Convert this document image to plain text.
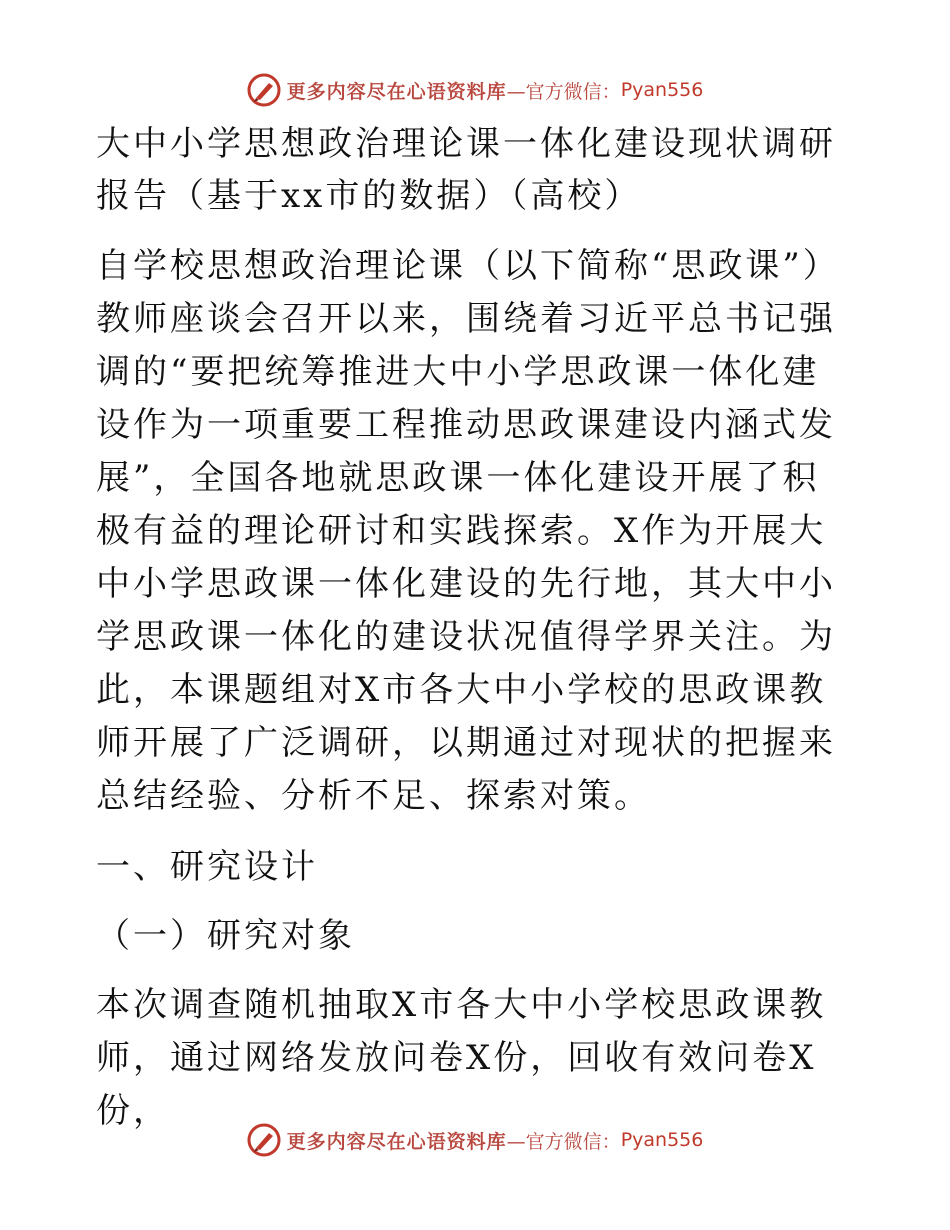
更多内容尽在心语资料库 —官方微信： Pyan556
大中小学思想政治理论课一体化建设现状调研报告（基于xx市的数据）（高校）

自学校思想政治理论课（以下简称“思政课”）教师座谈会召开以来，围绕着习近平总书记强调的“要把统筹推进大中小学思政课一体化建设作为一项重要工程推动思政课建设内涵式发展”，全国各地就思政课一体化建设开展了积极有益的理论研讨和实践探索。X作为开展大中小学思政课一体化建设的先行地，其大中小学思政课一体化的建设状况值得学界关注。为此，本课题组对X市各大中小学校的思政课教师开展了广泛调研，以期通过对现状的把握来总结经验、分析不足、探索对策。

一、研究设计

（一）研究对象

本次调查随机抽取X市各大中小学校思政课教师，通过网络发放问卷X份，回收有效问卷X份，

更多内容尽在心语资料库 —官方微信： Pyan556
